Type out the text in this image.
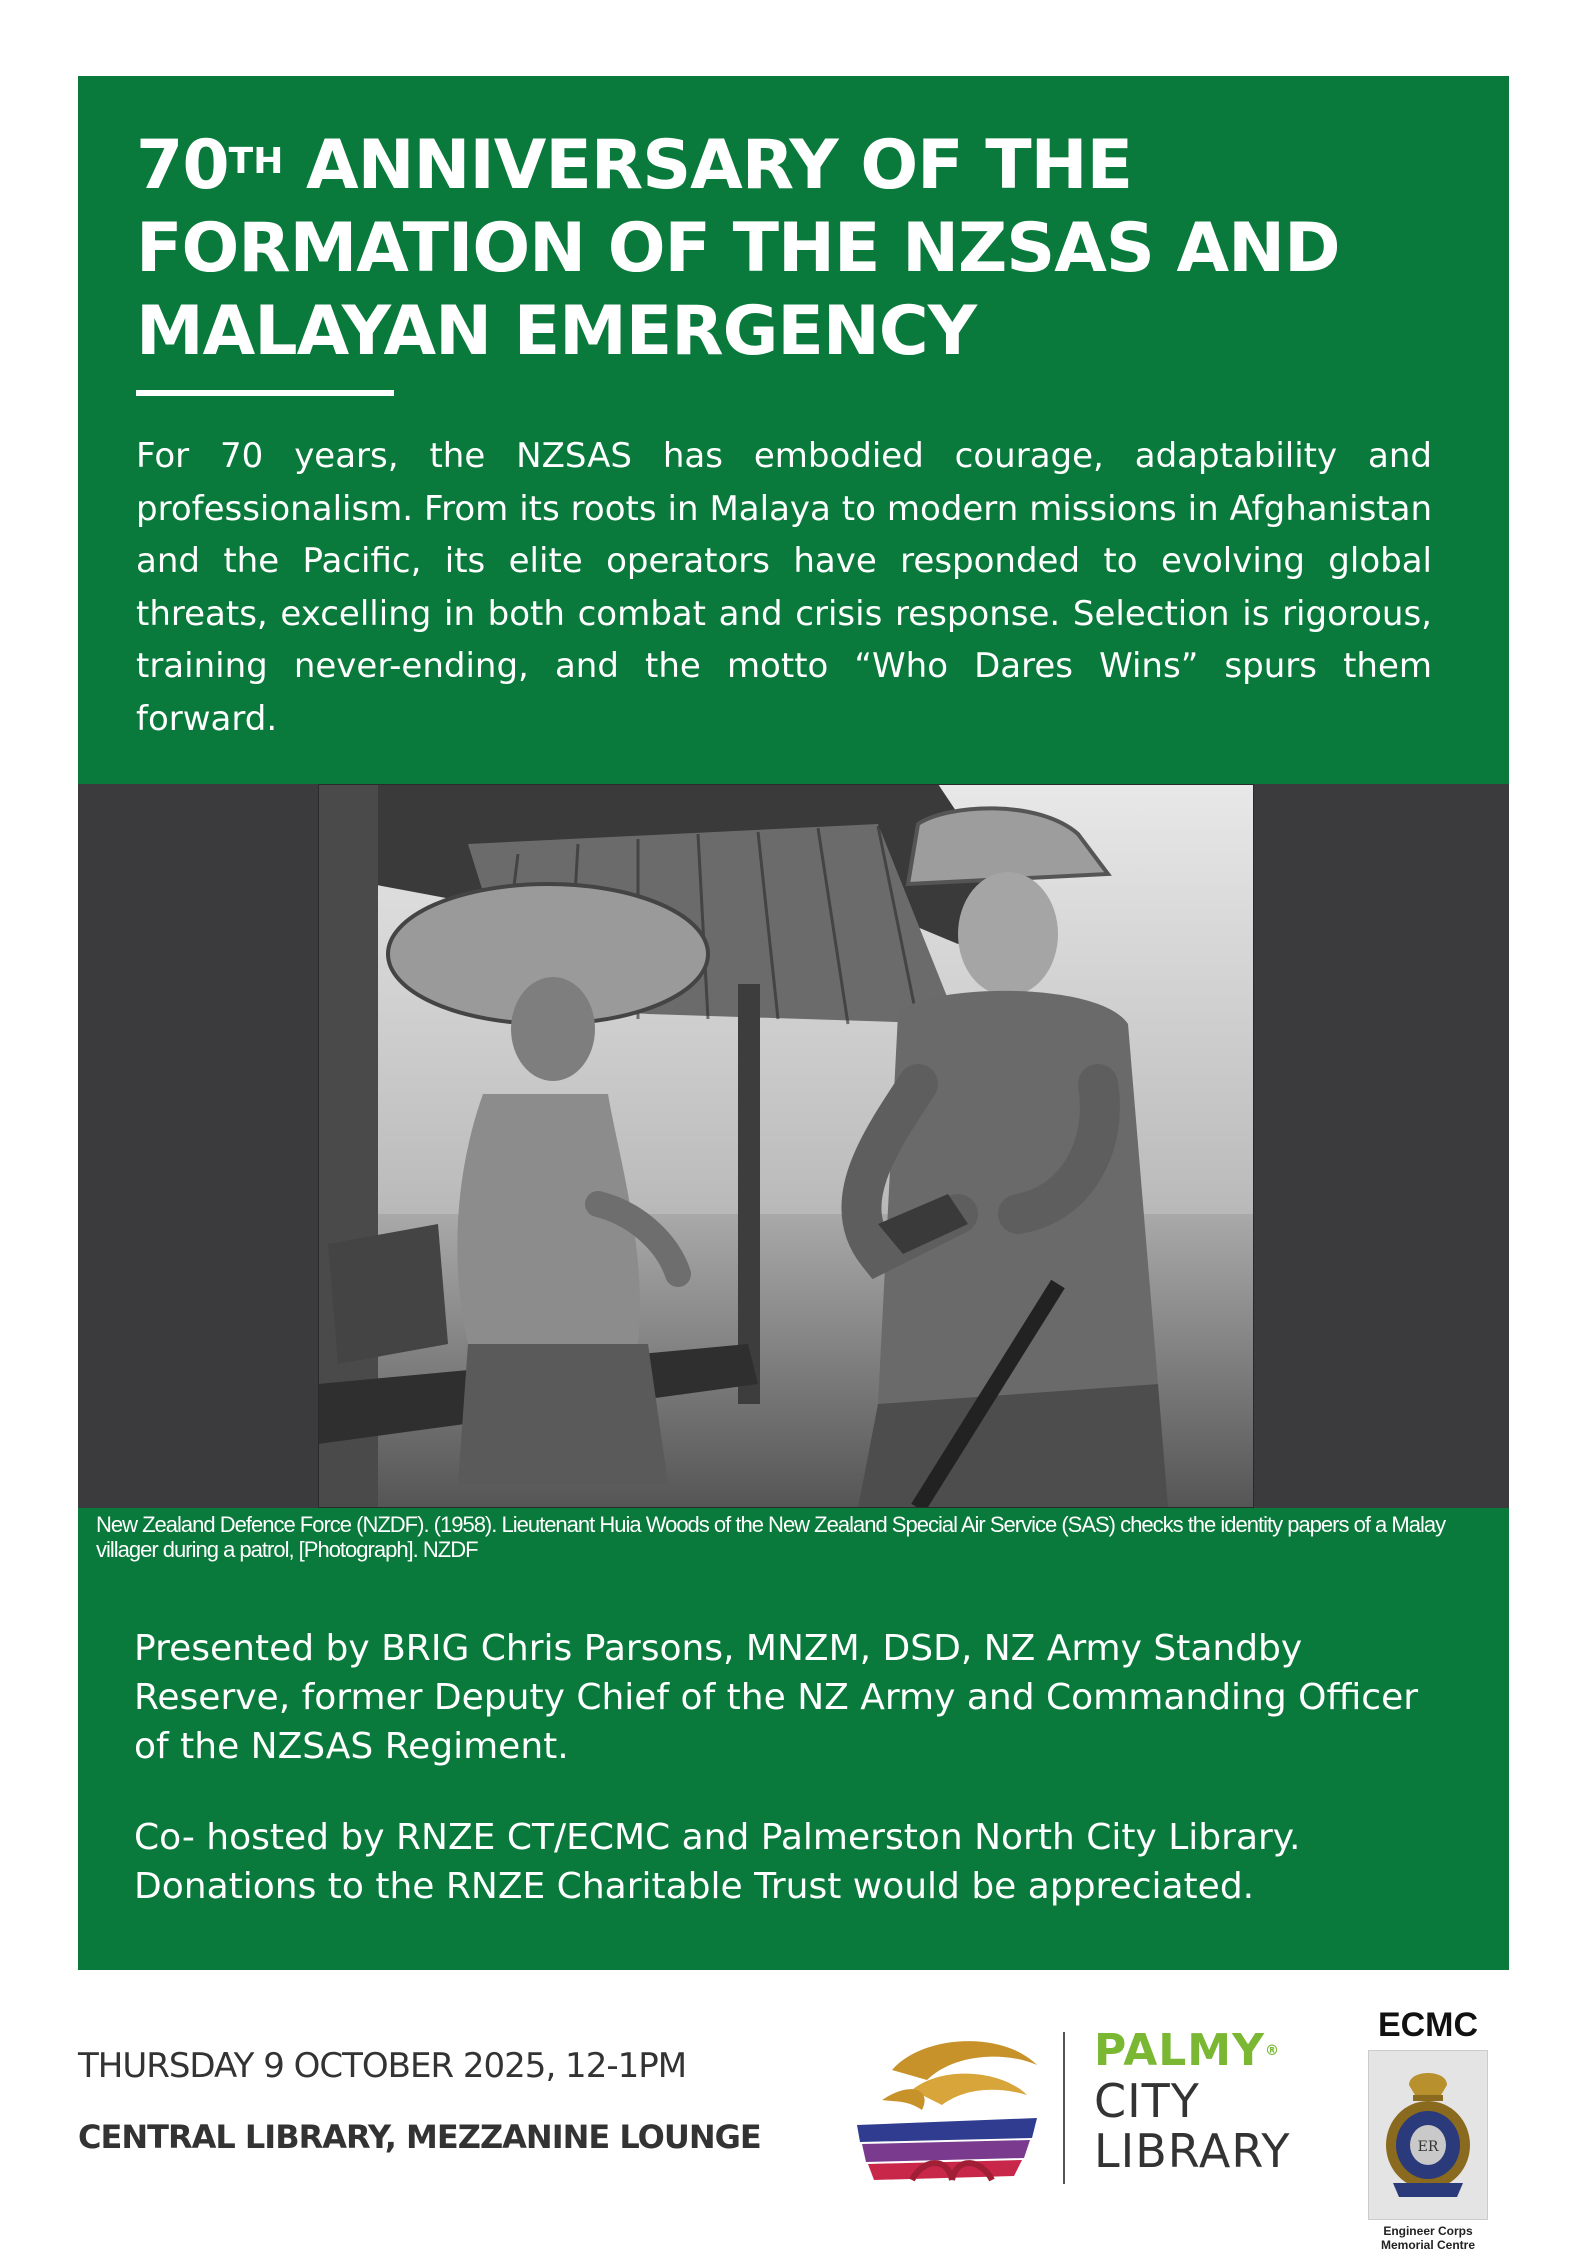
70TH ANNIVERSARY OF THE FORMATION OF THE NZSAS AND MALAYAN EMERGENCY

For 70 years, the NZSAS has embodied courage, adaptability and professionalism. From its roots in Malaya to modern missions in Afghanistan and the Pacific, its elite operators have responded to evolving global threats, excelling in both combat and crisis response. Selection is rigorous, training never-ending, and the motto “Who Dares Wins” spurs them forward.

New Zealand Defence Force (NZDF). (1958). Lieutenant Huia Woods of the New Zealand Special Air Service (SAS) checks the identity papers of a Malay villager during a patrol, [Photograph]. NZDF

Presented by BRIG Chris Parsons, MNZM, DSD, NZ Army Standby Reserve, former Deputy Chief of the NZ Army and Commanding Officer of the NZSAS Regiment.

Co- hosted by RNZE CT/ECMC and Palmerston North City Library. Donations to the RNZE Charitable Trust would be appreciated.

THURSDAY 9 OCTOBER 2025, 12-1PM
CENTRAL LIBRARY, MEZZANINE LOUNGE
PALMY®
CITY
LIBRARY
ECMC
ER
Engineer Corps
Memorial Centre
